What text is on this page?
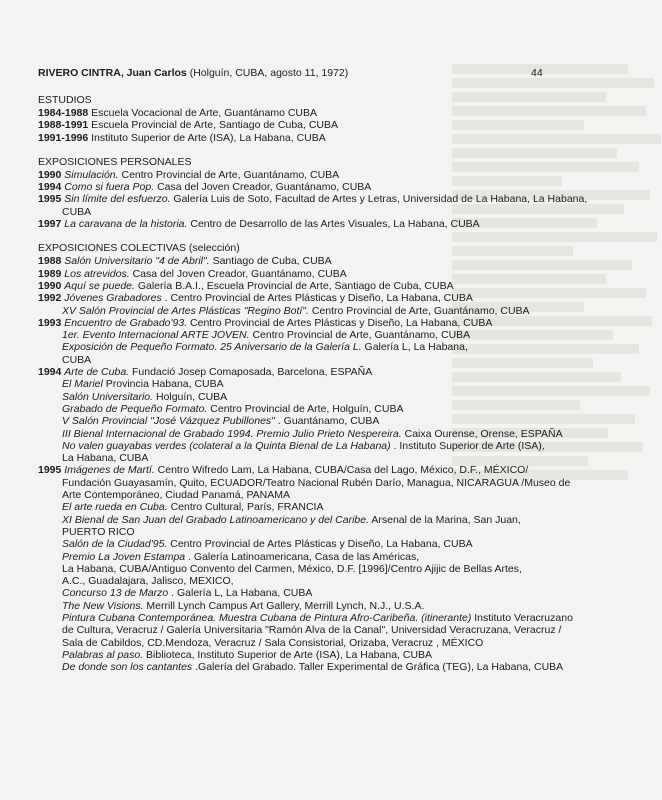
RIVERO CINTRA, Juan Carlos (Holguín, CUBA, agosto 11, 1972)	44
ESTUDIOS
1984-1988 Escuela Vocacional de Arte, Guantánamo CUBA
1988-1991 Escuela Provincial de Arte, Santiago de Cuba, CUBA
1991-1996 Instituto Superior de Arte (ISA), La Habana, CUBA
EXPOSICIONES PERSONALES
1990 Simulación. Centro Provincial de Arte, Guantánamo, CUBA
1994 Como si fuera Pop. Casa del Joven Creador, Guantánamo, CUBA
1995 Sin límite del esfuerzo. Galería Luis de Soto, Facultad de Artes y Letras, Universidad de La Habana, La Habana,
CUBA
1997 La caravana de la historia. Centro de Desarrollo de las Artes Visuales, La Habana, CUBA
EXPOSICIONES COLECTIVAS (selección)
1988 Salón Universitario "4 de Abril". Santiago de Cuba, CUBA
1989 Los atrevidos. Casa del Joven Creador, Guantánamo, CUBA
1990 Aquí se puede. Galería B.A.I., Escuela Provincial de Arte, Santiago de Cuba, CUBA
1992 Jóvenes Grabadores . Centro Provincial de Artes Plásticas y Diseño, La Habana, CUBA
XV Salón Provincial de Artes Plásticas "Regino Botí". Centro Provincial de Arte, Guantánamo, CUBA
1993 Encuentro de Grabado'93. Centro Provincial de Artes Plásticas y Diseño, La Habana, CUBA
1er. Evento Internacional ARTE JOVEN. Centro Provincial de Arte, Guantánamo, CUBA
Exposición de Pequeño Formato. 25 Aniversario de la Galería L. Galería L, La Habana,
CUBA
1994 Arte de Cuba. Fundació Josep Comaposada, Barcelona, ESPAÑA
El Mariel Provincia Habana, CUBA
Salón Universitario. Holguín, CUBA
Grabado de Pequeño Formato. Centro Provincial de Arte, Holguín, CUBA
V Salón Provincial "José Vázquez Pubillones" . Guantánamo, CUBA
III Bienal Internacional de Grabado 1994. Premio Julio Prieto Nespereira. Caixa Ourense, Orense, ESPAÑA
No valen guayabas verdes (colateral a la Quinta Bienal de La Habana) . Instituto Superior de Arte (ISA),
La Habana, CUBA
1995 Imágenes de Martí. Centro Wifredo Lam, La Habana, CUBA/Casa del Lago, México, D.F., MÉXICO/
Fundación Guayasamín, Quito, ECUADOR/Teatro Nacional Rubén Darío, Managua, NICARAGUA /Museo de
Arte Contemporáneo, Ciudad Panamá, PANAMA
El arte rueda en Cuba. Centro Cultural, París, FRANCIA
XI Bienal de San Juan del Grabado Latinoamericano y del Caribe. Arsenal de la Marina, San Juan,
PUERTO RICO
Salón de la Ciudad'95. Centro Provincial de Artes Plásticas y Diseño, La Habana, CUBA
Premio La Joven Estampa . Galería Latinoamericana, Casa de las Américas,
La Habana, CUBA/Antiguo Convento del Carmen, México, D.F. [1996]/Centro Ajijic de Bellas Artes,
A.C., Guadalajara, Jalisco, MEXICO,
Concurso 13 de Marzo . Galería L, La Habana, CUBA
The New Visions. Merrill Lynch Campus Art Gallery, Merrill Lynch, N.J., U.S.A.
Pintura Cubana Contemporánea. Muestra Cubana de Pintura Afro-Caribeña. (itinerante) Instituto Veracruzano
de Cultura, Veracruz / Galería Universitaria "Ramón Alva de la Canal", Universidad Veracruzana, Veracruz /
Sala de Cabildos, CD.Mendoza, Veracruz / Sala Consistorial, Orizaba, Veracruz , MÉXICO
Palabras al paso. Biblioteca, Instituto Superior de Arte (ISA), La Habana, CUBA
De donde son los cantantes .Galería del Grabado. Taller Experimental de Gráfica (TEG), La Habana, CUBA
